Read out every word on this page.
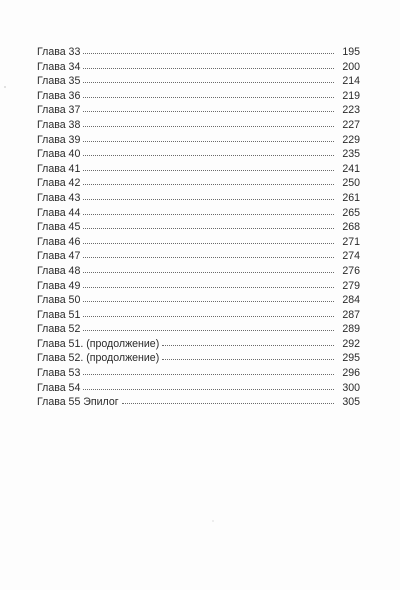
Глава 33	195
Глава 34	200
Глава 35	214
Глава 36	219
Глава 37	223
Глава 38	227
Глава 39	229
Глава 40	235
Глава 41	241
Глава 42	250
Глава 43	261
Глава 44	265
Глава 45	268
Глава 46	271
Глава 47	274
Глава 48	276
Глава 49	279
Глава 50	284
Глава 51	287
Глава 52	289
Глава 51. (продолжение)	292
Глава 52. (продолжение)	295
Глава 53	296
Глава 54	300
Глава 55 Эпилог	305
